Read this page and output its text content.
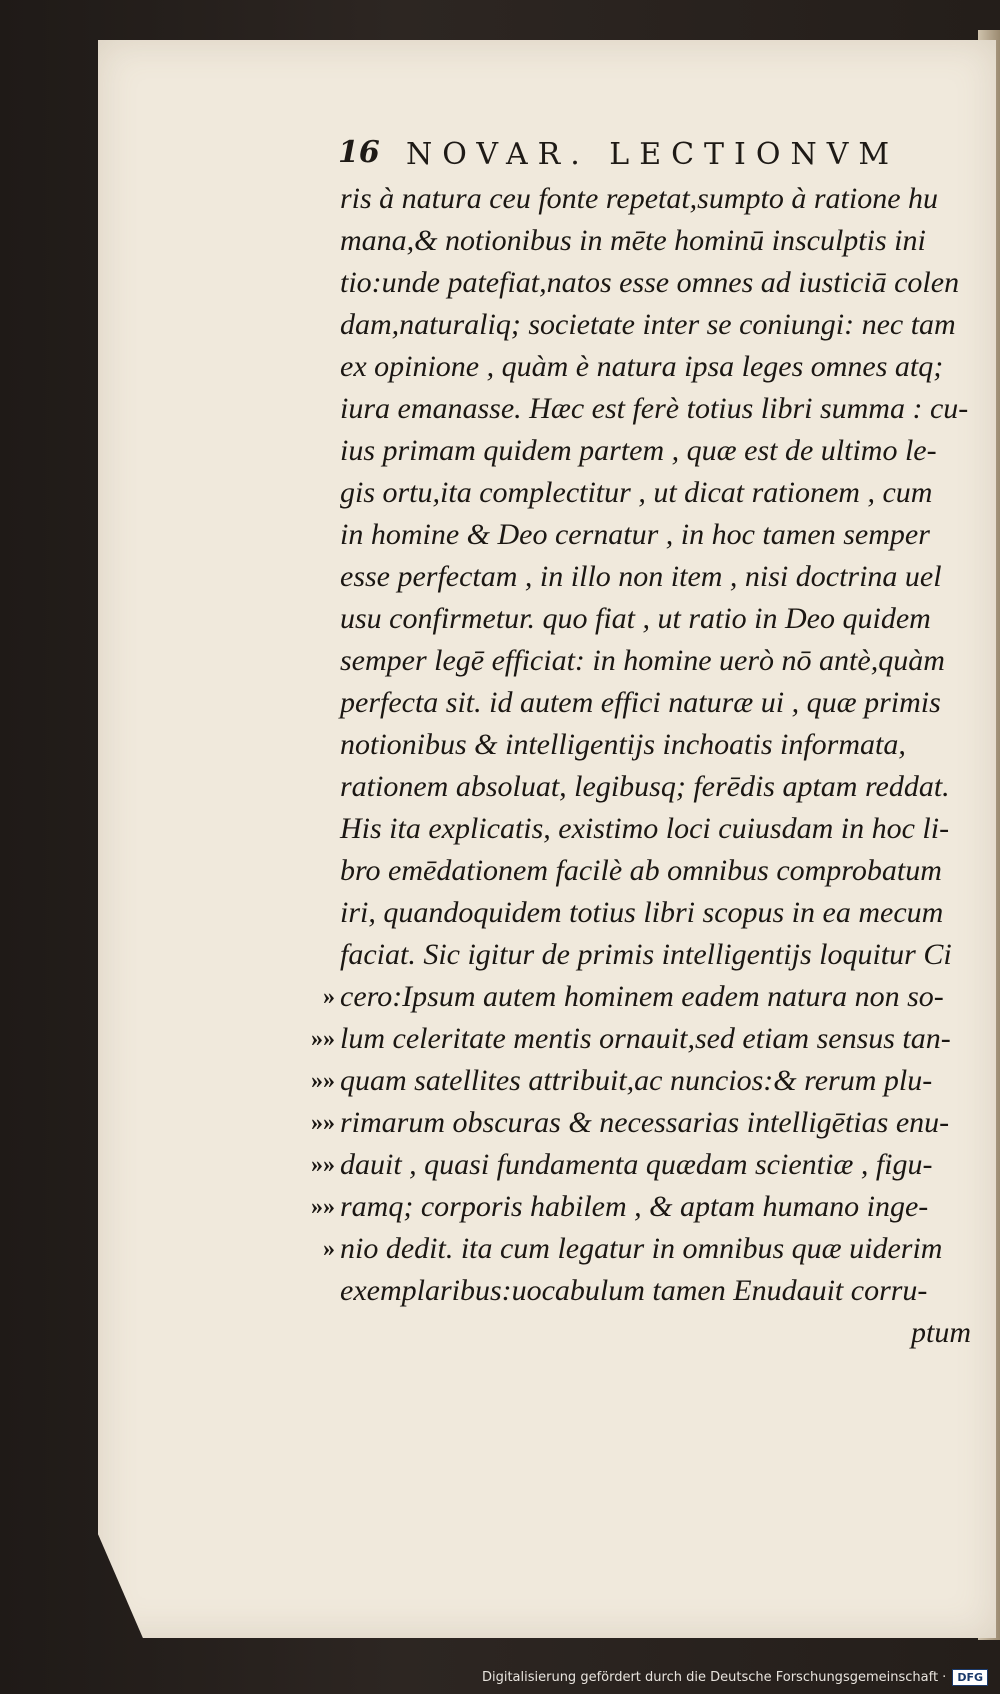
16 NOVAR. LECTIONVM
ris à natura ceu fonte repetat,sumpto à ratione hu
mana,& notionibus in mēte hominū insculptis ini
tio:unde patefiat,natos esse omnes ad iusticiā colen
dam,naturaliq; societate inter se coniungi: nec tam
ex opinione , quàm è natura ipsa leges omnes atq;
iura emanasse. Hæc est ferè totius libri summa : cu-
ius primam quidem partem , quæ est de ultimo le-
gis ortu,ita complectitur , ut dicat rationem , cum
in homine & Deo cernatur , in hoc tamen semper
esse perfectam , in illo non item , nisi doctrina uel
usu confirmetur. quo fiat , ut ratio in Deo quidem
semper legē efficiat: in homine uerò nō antè,quàm
perfecta sit. id autem effici naturæ ui , quæ primis
notionibus & intelligentijs inchoatis informata,
rationem absoluat, legibusq; ferēdis aptam reddat.
His ita explicatis, existimo loci cuiusdam in hoc li-
bro emēdationem facilè ab omnibus comprobatum
iri, quandoquidem totius libri scopus in ea mecum
faciat. Sic igitur de primis intelligentijs loquitur Ci
cero:Ipsum autem hominem eadem natura non so-
lum celeritate mentis ornauit,sed etiam sensus tan-
quam satellites attribuit,ac nuncios:& rerum plu-
rimarum obscuras & necessarias intelligētias enu-
dauit , quasi fundamenta quædam scientiæ , figu-
ramq; corporis habilem , & aptam humano inge-
nio dedit. ita cum legatur in omnibus quæ uiderim
exemplaribus:uocabulum tamen Enudauit corru-
ptum
»
»»
»»
»»
»»
»»
»
Digitalisierung gefördert durch die Deutsche Forschungsgemeinschaft ·	DFG
